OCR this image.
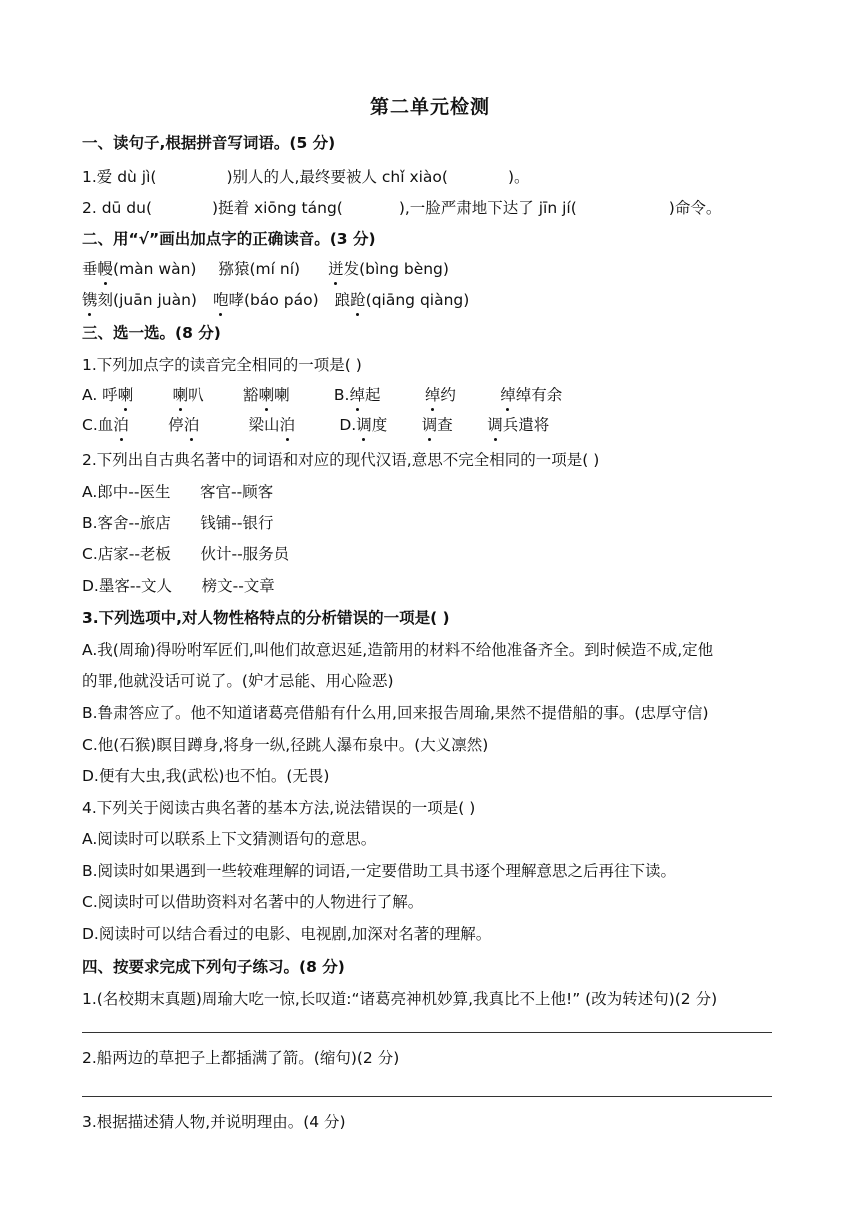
第二单元检测
一、读句子,根据拼音写词语。(5 分)
1.爱 dù jì(	)别人的人,最终要被人 chǐ xiào(	)。
2. dū du(	)挺着 xiōng táng(	),一脸严肃地下达了 jīn jí(	)命令。
二、用“√”画出加点字的正确读音。(3 分)
垂幔(màn wàn) 猕猿(mí ní) 迸发(bìng bèng)
镌刻(juān juàn) 咆哮(báo páo) 踉跄(qiāng qiàng)
三、选一选。(8 分)
1.下列加点字的读音完全相同的一项是( )
A. 呼喇	喇叭        豁喇喇         B.绰起         绰约         绰绰有余
C.血泊        停泊          梁山泊         D.调度       调查       调兵遣将
2.下列出自古典名著中的词语和对应的现代汉语,意思不完全相同的一项是( )
A.郎中--医生      客官--顾客
B.客舍--旅店      钱铺--银行
C.店家--老板      伙计--服务员
D.墨客--文人      榜文--文章
3.下列选项中,对人物性格特点的分析错误的一项是( )
A.我(周瑜)得吩咐军匠们,叫他们故意迟延,造箭用的材料不给他准备齐全。到时候造不成,定他
的罪,他就没话可说了。(妒才忌能、用心险恶)
B.鲁肃答应了。他不知道诸葛亮借船有什么用,回来报告周瑜,果然不提借船的事。(忠厚守信)
C.他(石猴)瞑目蹲身,将身一纵,径跳人瀑布泉中。(大义凛然)
D.便有大虫,我(武松)也不怕。(无畏)
4.下列关于阅读古典名著的基本方法,说法错误的一项是( )
A.阅读时可以联系上下文猜测语句的意思。
B.阅读时如果遇到一些较难理解的词语,一定要借助工具书逐个理解意思之后再往下读。
C.阅读时可以借助资料对名著中的人物进行了解。
D.阅读时可以结合看过的电影、电视剧,加深对名著的理解。
四、按要求完成下列句子练习。(8 分)
1.(名校期末真题)周瑜大吃一惊,长叹道:“诸葛亮神机妙算,我真比不上他!” (改为转述句)(2 分)
2.船两边的草把子上都插满了箭。(缩句)(2 分)
3.根据描述猜人物,并说明理由。(4 分)
